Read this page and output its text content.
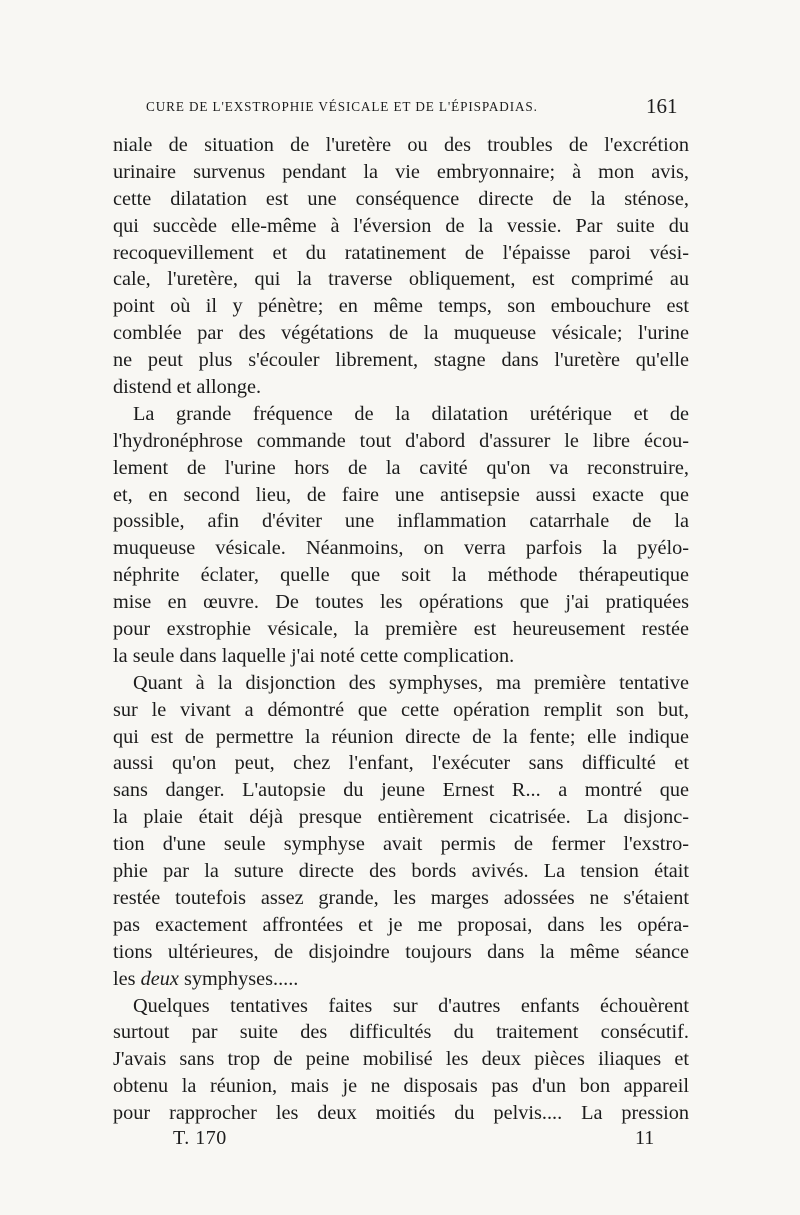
CURE DE L'EXSTROPHIE VÉSICALE ET DE L'ÉPISPADIAS.	161
niale de situation de l'uretère ou des troubles de l'excrétion
urinaire survenus pendant la vie embryonnaire; à mon avis,
cette dilatation est une conséquence directe de la sténose,
qui succède elle-même à l'éversion de la vessie. Par suite du
recoquevillement et du ratatinement de l'épaisse paroi vési-
cale, l'uretère, qui la traverse obliquement, est comprimé au
point où il y pénètre; en même temps, son embouchure est
comblée par des végétations de la muqueuse vésicale; l'urine
ne peut plus s'écouler librement, stagne dans l'uretère qu'elle
distend et allonge.
La grande fréquence de la dilatation urétérique et de
l'hydronéphrose commande tout d'abord d'assurer le libre écou-
lement de l'urine hors de la cavité qu'on va reconstruire,
et, en second lieu, de faire une antisepsie aussi exacte que
possible, afin d'éviter une inflammation catarrhale de la
muqueuse vésicale. Néanmoins, on verra parfois la pyélo-
néphrite éclater, quelle que soit la méthode thérapeutique
mise en œuvre. De toutes les opérations que j'ai pratiquées
pour exstrophie vésicale, la première est heureusement restée
la seule dans laquelle j'ai noté cette complication.
Quant à la disjonction des symphyses, ma première tentative
sur le vivant a démontré que cette opération remplit son but,
qui est de permettre la réunion directe de la fente; elle indique
aussi qu'on peut, chez l'enfant, l'exécuter sans difficulté et
sans danger. L'autopsie du jeune Ernest R... a montré que
la plaie était déjà presque entièrement cicatrisée. La disjonc-
tion d'une seule symphyse avait permis de fermer l'exstro-
phie par la suture directe des bords avivés. La tension était
restée toutefois assez grande, les marges adossées ne s'étaient
pas exactement affrontées et je me proposai, dans les opéra-
tions ultérieures, de disjoindre toujours dans la même séance
les deux symphyses.....
Quelques tentatives faites sur d'autres enfants échouèrent
surtout par suite des difficultés du traitement consécutif.
J'avais sans trop de peine mobilisé les deux pièces iliaques et
obtenu la réunion, mais je ne disposais pas d'un bon appareil
pour rapprocher les deux moitiés du pelvis.... La pression
T. 170	11
